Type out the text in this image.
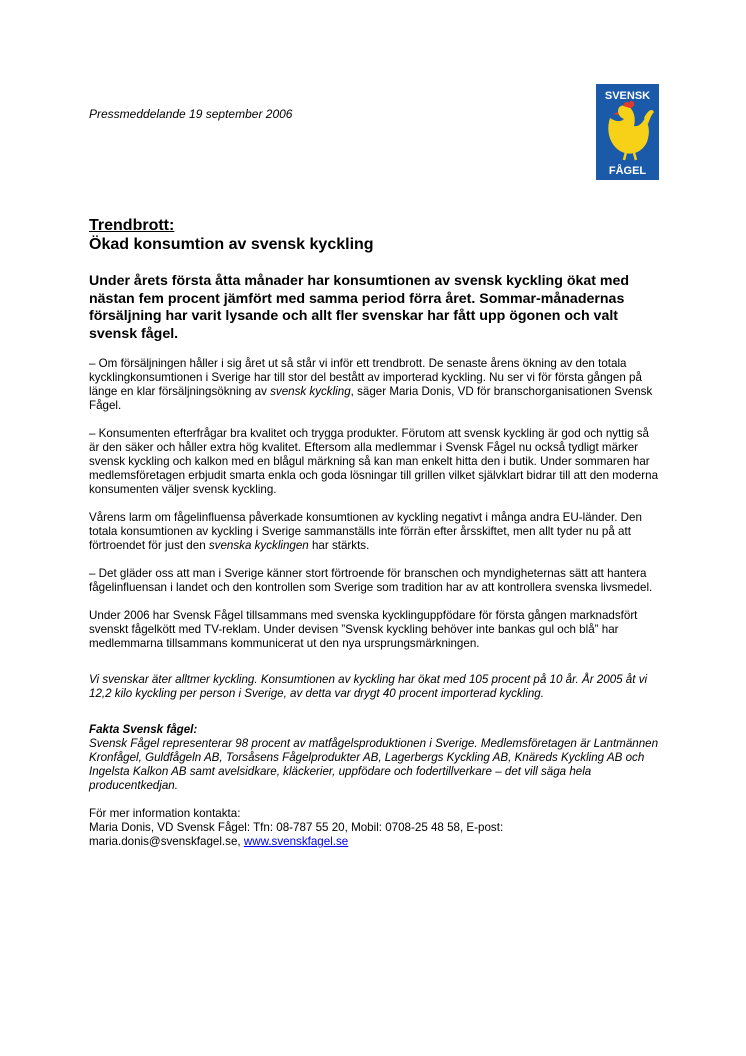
Pressmeddelande 19 september 2006
SVENSK
FÅGEL
Trendbrott:
Ökad konsumtion av svensk kyckling
Under årets första åtta månader har konsumtionen av svensk kyckling ökat med nästan fem procent jämfört med samma period förra året. Sommar-månadernas försäljning har varit lysande och allt fler svenskar har fått upp ögonen och valt svensk fågel.

– Om försäljningen håller i sig året ut så står vi inför ett trendbrott. De senaste årens ökning av den totala kycklingkonsumtionen i Sverige har till stor del bestått av importerad kyckling. Nu ser vi för första gången på länge en klar försäljningsökning av svensk kyckling, säger Maria Donis, VD för branschorganisationen Svensk Fågel.

– Konsumenten efterfrågar bra kvalitet och trygga produkter. Förutom att svensk kyckling är god och nyttig så är den säker och håller extra hög kvalitet. Eftersom alla medlemmar i Svensk Fågel nu också tydligt märker svensk kyckling och kalkon med en blågul märkning så kan man enkelt hitta den i butik. Under sommaren har medlemsföretagen erbjudit smarta enkla och goda lösningar till grillen vilket självklart bidrar till att den moderna konsumenten väljer svensk kyckling.

Vårens larm om fågelinfluensa påverkade konsumtionen av kyckling negativt i många andra EU-länder. Den totala konsumtionen av kyckling i Sverige sammanställs inte förrän efter årsskiftet, men allt tyder nu på att förtroendet för just den svenska kycklingen har stärkts.

– Det gläder oss att man i Sverige känner stort förtroende för branschen och myndigheternas sätt att hantera fågelinfluensan i landet och den kontrollen som Sverige som tradition har av att kontrollera svenska livsmedel.

Under 2006 har Svensk Fågel tillsammans med svenska kycklinguppfödare för första gången marknadsfört svenskt fågelkött med TV-reklam. Under devisen ”Svensk kyckling behöver inte bankas gul och blå” har medlemmarna tillsammans kommunicerat ut den nya ursprungsmärkningen.

Vi svenskar äter alltmer kyckling. Konsumtionen av kyckling har ökat med 105 procent på 10 år. År 2005 åt vi 12,2 kilo kyckling per person i Sverige, av detta var drygt 40 procent importerad kyckling.

Fakta Svensk fågel:
Svensk Fågel representerar 98 procent av matfågelsproduktionen i Sverige. Medlemsföretagen är Lantmännen Kronfågel, Guldfågeln AB, Torsåsens Fågelprodukter AB, Lagerbergs Kyckling AB, Knäreds Kyckling AB och Ingelsta Kalkon AB samt avelsidkare, kläckerier, uppfödare och fodertillverkare – det vill säga hela producentkedjan.
För mer information kontakta:
Maria Donis, VD Svensk Fågel: Tfn: 08-787 55 20, Mobil: 0708-25 48 58, E-post:
maria.donis@svenskfagel.se, www.svenskfagel.se
